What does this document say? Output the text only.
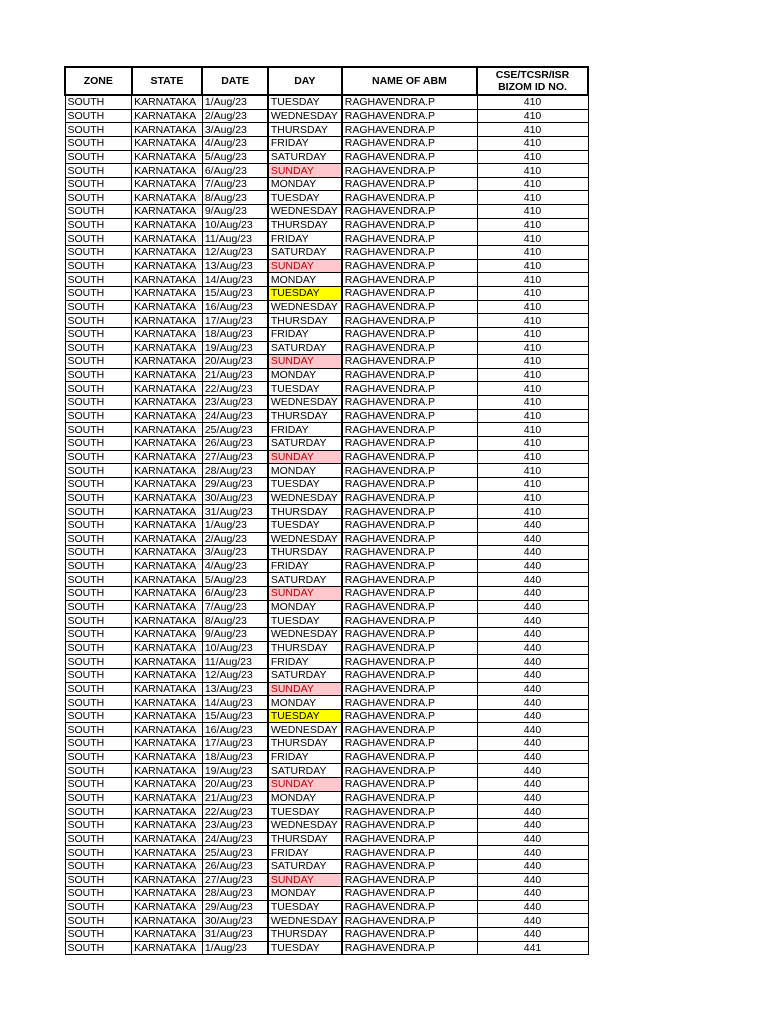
ZONE	STATE	DATE	DAY	NAME OF ABM	CSE/TCSR/ISR BIZOM ID NO.
SOUTH	KARNATAKA	1/Aug/23	TUESDAY	RAGHAVENDRA.P	410
SOUTH	KARNATAKA	2/Aug/23	WEDNESDAY	RAGHAVENDRA.P	410
SOUTH	KARNATAKA	3/Aug/23	THURSDAY	RAGHAVENDRA.P	410
SOUTH	KARNATAKA	4/Aug/23	FRIDAY	RAGHAVENDRA.P	410
SOUTH	KARNATAKA	5/Aug/23	SATURDAY	RAGHAVENDRA.P	410
SOUTH	KARNATAKA	6/Aug/23	SUNDAY	RAGHAVENDRA.P	410
SOUTH	KARNATAKA	7/Aug/23	MONDAY	RAGHAVENDRA.P	410
SOUTH	KARNATAKA	8/Aug/23	TUESDAY	RAGHAVENDRA.P	410
SOUTH	KARNATAKA	9/Aug/23	WEDNESDAY	RAGHAVENDRA.P	410
SOUTH	KARNATAKA	10/Aug/23	THURSDAY	RAGHAVENDRA.P	410
SOUTH	KARNATAKA	11/Aug/23	FRIDAY	RAGHAVENDRA.P	410
SOUTH	KARNATAKA	12/Aug/23	SATURDAY	RAGHAVENDRA.P	410
SOUTH	KARNATAKA	13/Aug/23	SUNDAY	RAGHAVENDRA.P	410
SOUTH	KARNATAKA	14/Aug/23	MONDAY	RAGHAVENDRA.P	410
SOUTH	KARNATAKA	15/Aug/23	TUESDAY	RAGHAVENDRA.P	410
SOUTH	KARNATAKA	16/Aug/23	WEDNESDAY	RAGHAVENDRA.P	410
SOUTH	KARNATAKA	17/Aug/23	THURSDAY	RAGHAVENDRA.P	410
SOUTH	KARNATAKA	18/Aug/23	FRIDAY	RAGHAVENDRA.P	410
SOUTH	KARNATAKA	19/Aug/23	SATURDAY	RAGHAVENDRA.P	410
SOUTH	KARNATAKA	20/Aug/23	SUNDAY	RAGHAVENDRA.P	410
SOUTH	KARNATAKA	21/Aug/23	MONDAY	RAGHAVENDRA.P	410
SOUTH	KARNATAKA	22/Aug/23	TUESDAY	RAGHAVENDRA.P	410
SOUTH	KARNATAKA	23/Aug/23	WEDNESDAY	RAGHAVENDRA.P	410
SOUTH	KARNATAKA	24/Aug/23	THURSDAY	RAGHAVENDRA.P	410
SOUTH	KARNATAKA	25/Aug/23	FRIDAY	RAGHAVENDRA.P	410
SOUTH	KARNATAKA	26/Aug/23	SATURDAY	RAGHAVENDRA.P	410
SOUTH	KARNATAKA	27/Aug/23	SUNDAY	RAGHAVENDRA.P	410
SOUTH	KARNATAKA	28/Aug/23	MONDAY	RAGHAVENDRA.P	410
SOUTH	KARNATAKA	29/Aug/23	TUESDAY	RAGHAVENDRA.P	410
SOUTH	KARNATAKA	30/Aug/23	WEDNESDAY	RAGHAVENDRA.P	410
SOUTH	KARNATAKA	31/Aug/23	THURSDAY	RAGHAVENDRA.P	410
SOUTH	KARNATAKA	1/Aug/23	TUESDAY	RAGHAVENDRA.P	440
SOUTH	KARNATAKA	2/Aug/23	WEDNESDAY	RAGHAVENDRA.P	440
SOUTH	KARNATAKA	3/Aug/23	THURSDAY	RAGHAVENDRA.P	440
SOUTH	KARNATAKA	4/Aug/23	FRIDAY	RAGHAVENDRA.P	440
SOUTH	KARNATAKA	5/Aug/23	SATURDAY	RAGHAVENDRA.P	440
SOUTH	KARNATAKA	6/Aug/23	SUNDAY	RAGHAVENDRA.P	440
SOUTH	KARNATAKA	7/Aug/23	MONDAY	RAGHAVENDRA.P	440
SOUTH	KARNATAKA	8/Aug/23	TUESDAY	RAGHAVENDRA.P	440
SOUTH	KARNATAKA	9/Aug/23	WEDNESDAY	RAGHAVENDRA.P	440
SOUTH	KARNATAKA	10/Aug/23	THURSDAY	RAGHAVENDRA.P	440
SOUTH	KARNATAKA	11/Aug/23	FRIDAY	RAGHAVENDRA.P	440
SOUTH	KARNATAKA	12/Aug/23	SATURDAY	RAGHAVENDRA.P	440
SOUTH	KARNATAKA	13/Aug/23	SUNDAY	RAGHAVENDRA.P	440
SOUTH	KARNATAKA	14/Aug/23	MONDAY	RAGHAVENDRA.P	440
SOUTH	KARNATAKA	15/Aug/23	TUESDAY	RAGHAVENDRA.P	440
SOUTH	KARNATAKA	16/Aug/23	WEDNESDAY	RAGHAVENDRA.P	440
SOUTH	KARNATAKA	17/Aug/23	THURSDAY	RAGHAVENDRA.P	440
SOUTH	KARNATAKA	18/Aug/23	FRIDAY	RAGHAVENDRA.P	440
SOUTH	KARNATAKA	19/Aug/23	SATURDAY	RAGHAVENDRA.P	440
SOUTH	KARNATAKA	20/Aug/23	SUNDAY	RAGHAVENDRA.P	440
SOUTH	KARNATAKA	21/Aug/23	MONDAY	RAGHAVENDRA.P	440
SOUTH	KARNATAKA	22/Aug/23	TUESDAY	RAGHAVENDRA.P	440
SOUTH	KARNATAKA	23/Aug/23	WEDNESDAY	RAGHAVENDRA.P	440
SOUTH	KARNATAKA	24/Aug/23	THURSDAY	RAGHAVENDRA.P	440
SOUTH	KARNATAKA	25/Aug/23	FRIDAY	RAGHAVENDRA.P	440
SOUTH	KARNATAKA	26/Aug/23	SATURDAY	RAGHAVENDRA.P	440
SOUTH	KARNATAKA	27/Aug/23	SUNDAY	RAGHAVENDRA.P	440
SOUTH	KARNATAKA	28/Aug/23	MONDAY	RAGHAVENDRA.P	440
SOUTH	KARNATAKA	29/Aug/23	TUESDAY	RAGHAVENDRA.P	440
SOUTH	KARNATAKA	30/Aug/23	WEDNESDAY	RAGHAVENDRA.P	440
SOUTH	KARNATAKA	31/Aug/23	THURSDAY	RAGHAVENDRA.P	440
SOUTH	KARNATAKA	1/Aug/23	TUESDAY	RAGHAVENDRA.P	441
